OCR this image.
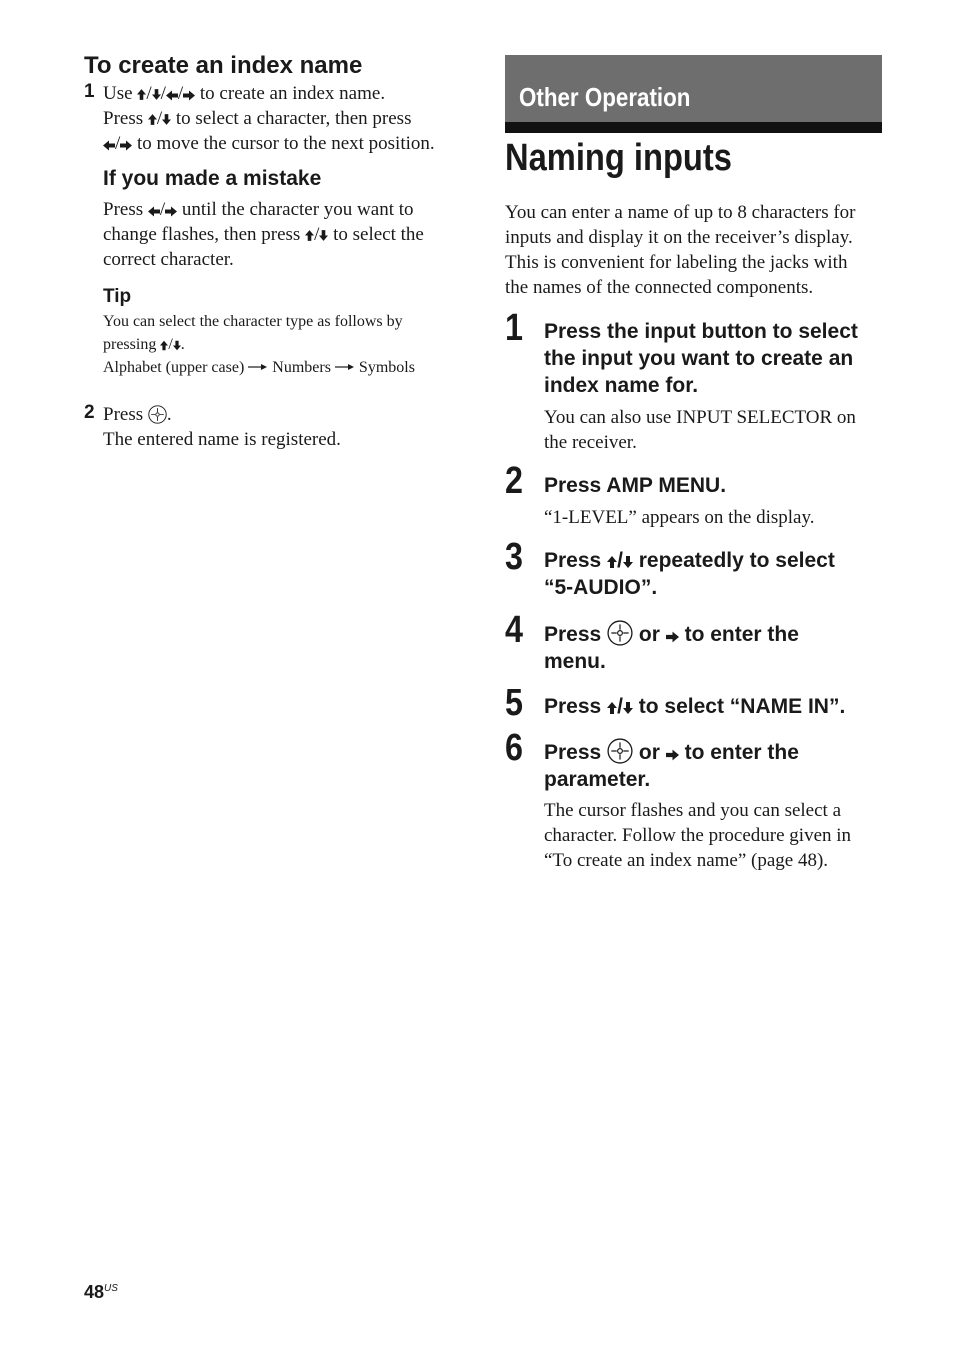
To create an index name
1 Use / / / to create an index name.
Press / to select a character, then press
/ to move the cursor to the next position.
If you made a mistake
Press / until the character you want to
change flashes, then press / to select the
correct character.
Tip
You can select the character type as follows by
pressing / .
Alphabet (upper case) Numbers Symbols
2 Press .
The entered name is registered.
Other Operation
Naming inputs
You can enter a name of up to 8 characters for
inputs and display it on the receiver’s display.
This is convenient for labeling the jacks with
the names of the connected components.
1 Press the input button to select
the input you want to create an
index name for.
You can also use INPUT SELECTOR on
the receiver.
2 Press AMP MENU.
“1-LEVEL” appears on the display.
3 Press / repeatedly to select
“5-AUDIO”.
4 Press or to enter the
menu.
5 Press / to select “NAME IN”.
6 Press or to enter the
parameter.
The cursor flashes and you can select a
character. Follow the procedure given in
“To create an index name” (page 48).
$48^{US}$
